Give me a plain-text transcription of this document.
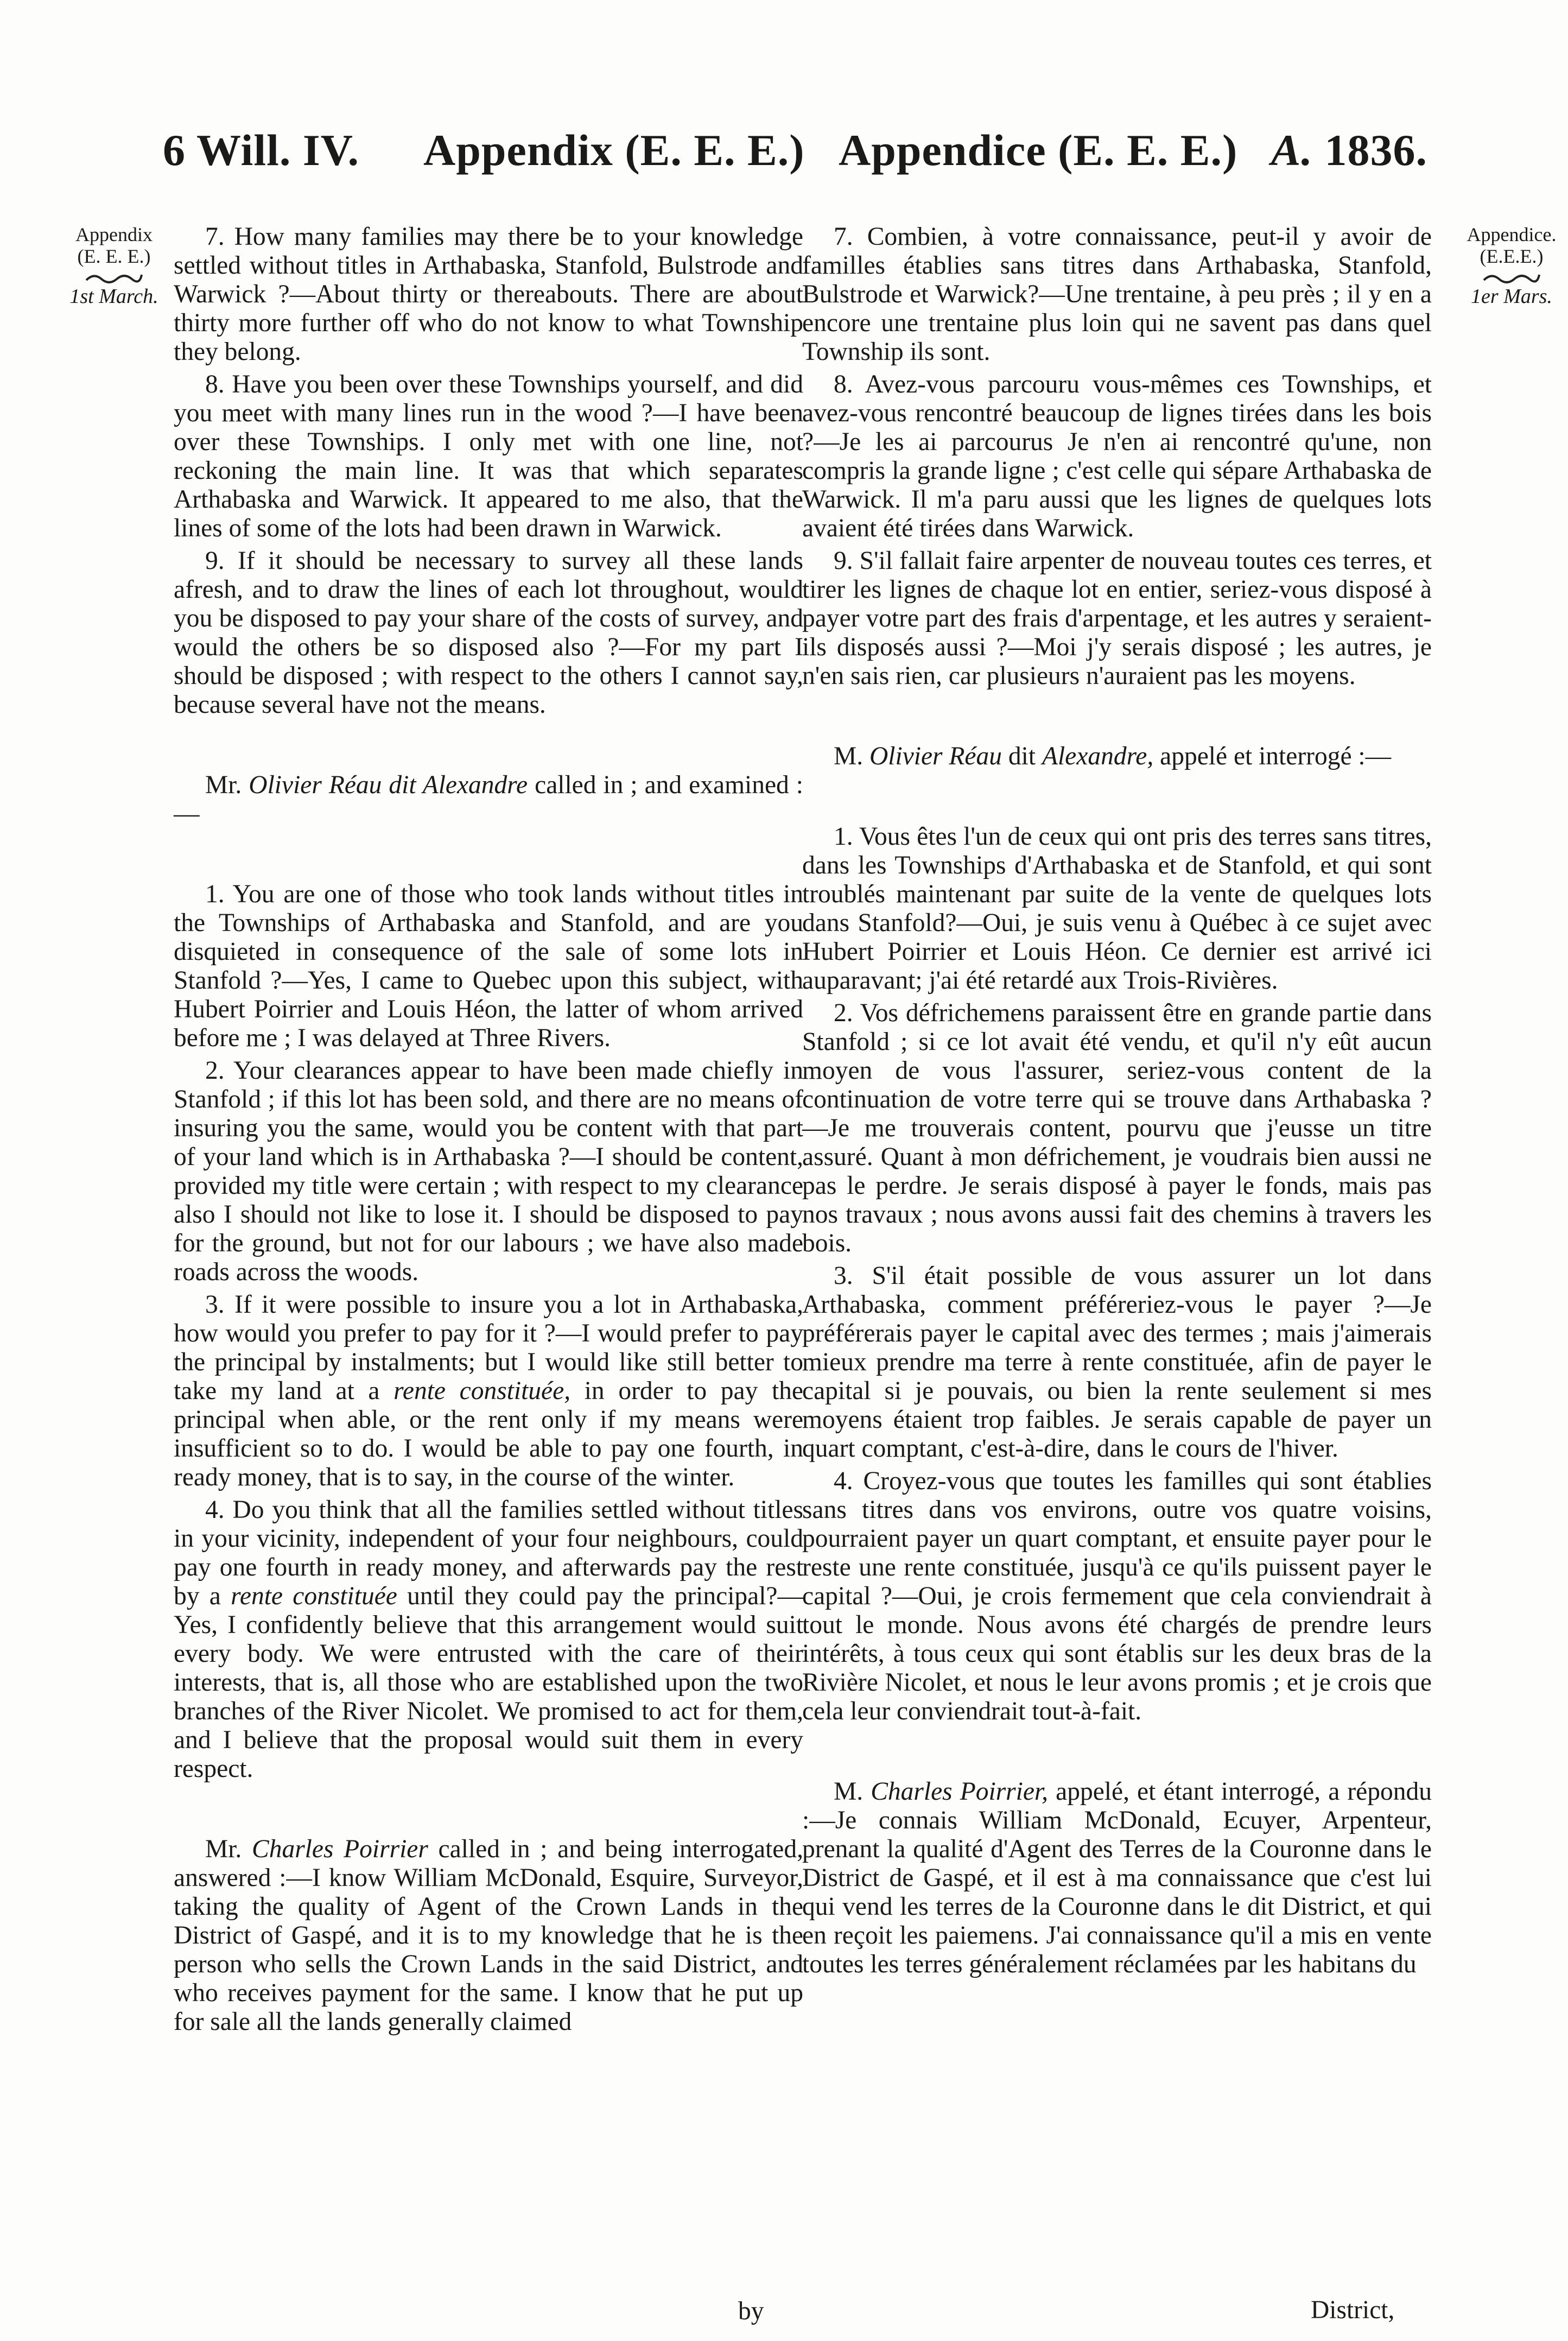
6 Will. IV. Appendix (E. E. E.) Appendice (E. E. E.) A. 1836.
Appendix
(E. E. E.)
1st March.
Appendice.
(E.E.E.)
1er Mars.

7. How many families may there be to your knowledge settled without titles in Arthabaska, Stanfold, Bulstrode and Warwick ?—About thirty or thereabouts. There are about thirty more further off who do not know to what Township they belong.

8. Have you been over these Townships yourself, and did you meet with many lines run in the wood ?—I have been over these Townships. I only met with one line, not reckoning the main line. It was that which separates Arthabaska and Warwick. It appeared to me also, that the lines of some of the lots had been drawn in Warwick.

9. If it should be necessary to survey all these lands afresh, and to draw the lines of each lot throughout, would you be disposed to pay your share of the costs of survey, and would the others be so disposed also ?—For my part I should be disposed ; with respect to the others I cannot say, because several have not the means.

Mr. Olivier Réau dit Alexandre called in ; and examined :—

1. You are one of those who took lands without titles in the Townships of Arthabaska and Stanfold, and are you disquieted in consequence of the sale of some lots in Stanfold ?—Yes, I came to Quebec upon this subject, with Hubert Poirrier and Louis Héon, the latter of whom arrived before me ; I was delayed at Three Rivers.

2. Your clearances appear to have been made chiefly in Stanfold ; if this lot has been sold, and there are no means of insuring you the same, would you be content with that part of your land which is in Arthabaska ?—I should be content, provided my title were certain ; with respect to my clearance also I should not like to lose it. I should be disposed to pay for the ground, but not for our labours ; we have also made roads across the woods.

3. If it were possible to insure you a lot in Arthabaska, how would you prefer to pay for it ?—I would prefer to pay the principal by instalments; but I would like still better to take my land at a rente constituée, in order to pay the principal when able, or the rent only if my means were insufficient so to do. I would be able to pay one fourth, in ready money, that is to say, in the course of the winter.

4. Do you think that all the families settled without titles in your vicinity, independent of your four neighbours, could pay one fourth in ready money, and afterwards pay the rest by a rente constituée until they could pay the principal?—Yes, I confidently believe that this arrangement would suit every body. We were entrusted with the care of their interests, that is, all those who are established upon the two branches of the River Nicolet. We promised to act for them, and I believe that the proposal would suit them in every respect.

Mr. Charles Poirrier called in ; and being interrogated, answered :—I know William McDonald, Esquire, Surveyor, taking the quality of Agent of the Crown Lands in the District of Gaspé, and it is to my knowledge that he is the person who sells the Crown Lands in the said District, and who receives payment for the same. I know that he put up for sale all the lands generally claimed

by

7. Combien, à votre connaissance, peut-il y avoir de familles établies sans titres dans Arthabaska, Stanfold, Bulstrode et Warwick?—Une trentaine, à peu près ; il y en a encore une trentaine plus loin qui ne savent pas dans quel Township ils sont.

8. Avez-vous parcouru vous-mêmes ces Townships, et avez-vous rencontré beaucoup de lignes tirées dans les bois ?—Je les ai parcourus Je n'en ai rencontré qu'une, non compris la grande ligne ; c'est celle qui sépare Arthabaska de Warwick. Il m'a paru aussi que les lignes de quelques lots avaient été tirées dans Warwick.

9. S'il fallait faire arpenter de nouveau toutes ces terres, et tirer les lignes de chaque lot en entier, seriez-vous disposé à payer votre part des frais d'arpentage, et les autres y seraient-ils disposés aussi ?—Moi j'y serais disposé ; les autres, je n'en sais rien, car plusieurs n'auraient pas les moyens.

M. Olivier Réau dit Alexandre, appelé et interrogé :—

1. Vous êtes l'un de ceux qui ont pris des terres sans titres, dans les Townships d'Arthabaska et de Stanfold, et qui sont troublés maintenant par suite de la vente de quelques lots dans Stanfold?—Oui, je suis venu à Québec à ce sujet avec Hubert Poirrier et Louis Héon. Ce dernier est arrivé ici auparavant; j'ai été retardé aux Trois-Rivières.

2. Vos défrichemens paraissent être en grande partie dans Stanfold ; si ce lot avait été vendu, et qu'il n'y eût aucun moyen de vous l'assurer, seriez-vous content de la continuation de votre terre qui se trouve dans Arthabaska ?—Je me trouverais content, pourvu que j'eusse un titre assuré. Quant à mon défrichement, je voudrais bien aussi ne pas le perdre. Je serais disposé à payer le fonds, mais pas nos travaux ; nous avons aussi fait des chemins à travers les bois.

3. S'il était possible de vous assurer un lot dans Arthabaska, comment préféreriez-vous le payer ?—Je préférerais payer le capital avec des termes ; mais j'aimerais mieux prendre ma terre à rente constituée, afin de payer le capital si je pouvais, ou bien la rente seulement si mes moyens étaient trop faibles. Je serais capable de payer un quart comptant, c'est-à-dire, dans le cours de l'hiver.

4. Croyez-vous que toutes les familles qui sont établies sans titres dans vos environs, outre vos quatre voisins, pourraient payer un quart comptant, et ensuite payer pour le reste une rente constituée, jusqu'à ce qu'ils puissent payer le capital ?—Oui, je crois fermement que cela conviendrait à tout le monde. Nous avons été chargés de prendre leurs intérêts, à tous ceux qui sont établis sur les deux bras de la Rivière Nicolet, et nous le leur avons promis ; et je crois que cela leur conviendrait tout-à-fait.

M. Charles Poirrier, appelé, et étant interrogé, a répondu :—Je connais William McDonald, Ecuyer, Arpenteur, prenant la qualité d'Agent des Terres de la Couronne dans le District de Gaspé, et il est à ma connaissance que c'est lui qui vend les terres de la Couronne dans le dit District, et qui en reçoit les paiemens. J'ai connaissance qu'il a mis en vente toutes les terres généralement réclamées par les habitans du

District,
